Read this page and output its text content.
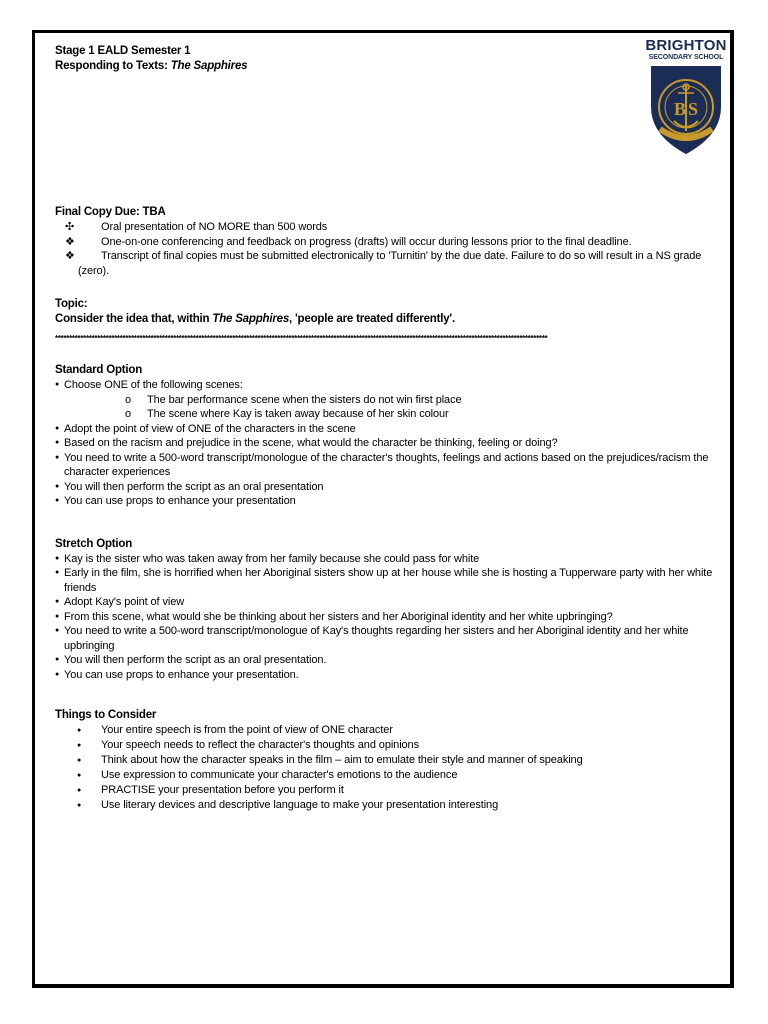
BRIGHTON
SECONDARY SCHOOL
B S
Stage 1 EALD Semester 1
Responding to Texts: The Sapphires
Final Copy Due: TBA
✣ Oral presentation of NO MORE than 500 words
❖ One-on-one conferencing and feedback on progress (drafts) will occur during lessons prior to the final deadline.
❖ Transcript of final copies must be submitted electronically to 'Turnitin' by the due date. Failure to do so will result in a NS grade
(zero).
Topic:
Consider the idea that, within The Sapphires, 'people are treated differently'.
*******************************************************************************************************************************************************************************
Standard Option
● Choose ONE of the following scenes:
o The bar performance scene when the sisters do not win first place
o The scene where Kay is taken away because of her skin colour
● Adopt the point of view of ONE of the characters in the scene
● Based on the racism and prejudice in the scene, what would the character be thinking, feeling or doing?
● You need to write a 500-word transcript/monologue of the character's thoughts, feelings and actions based on the prejudices/racism the
character experiences
● You will then perform the script as an oral presentation
● You can use props to enhance your presentation
Stretch Option
● Kay is the sister who was taken away from her family because she could pass for white
● Early in the film, she is horrified when her Aboriginal sisters show up at her house while she is hosting a Tupperware party with her white
friends
● Adopt Kay's point of view
● From this scene, what would she be thinking about her sisters and her Aboriginal identity and her white upbringing?
● You need to write a 500-word transcript/monologue of Kay's thoughts regarding her sisters and her Aboriginal identity and her white
upbringing
● You will then perform the script as an oral presentation.
● You can use props to enhance your presentation.
Things to Consider
● Your entire speech is from the point of view of ONE character
● Your speech needs to reflect the character's thoughts and opinions
● Think about how the character speaks in the film – aim to emulate their style and manner of speaking
● Use expression to communicate your character's emotions to the audience
● PRACTISE your presentation before you perform it
● Use literary devices and descriptive language to make your presentation interesting
